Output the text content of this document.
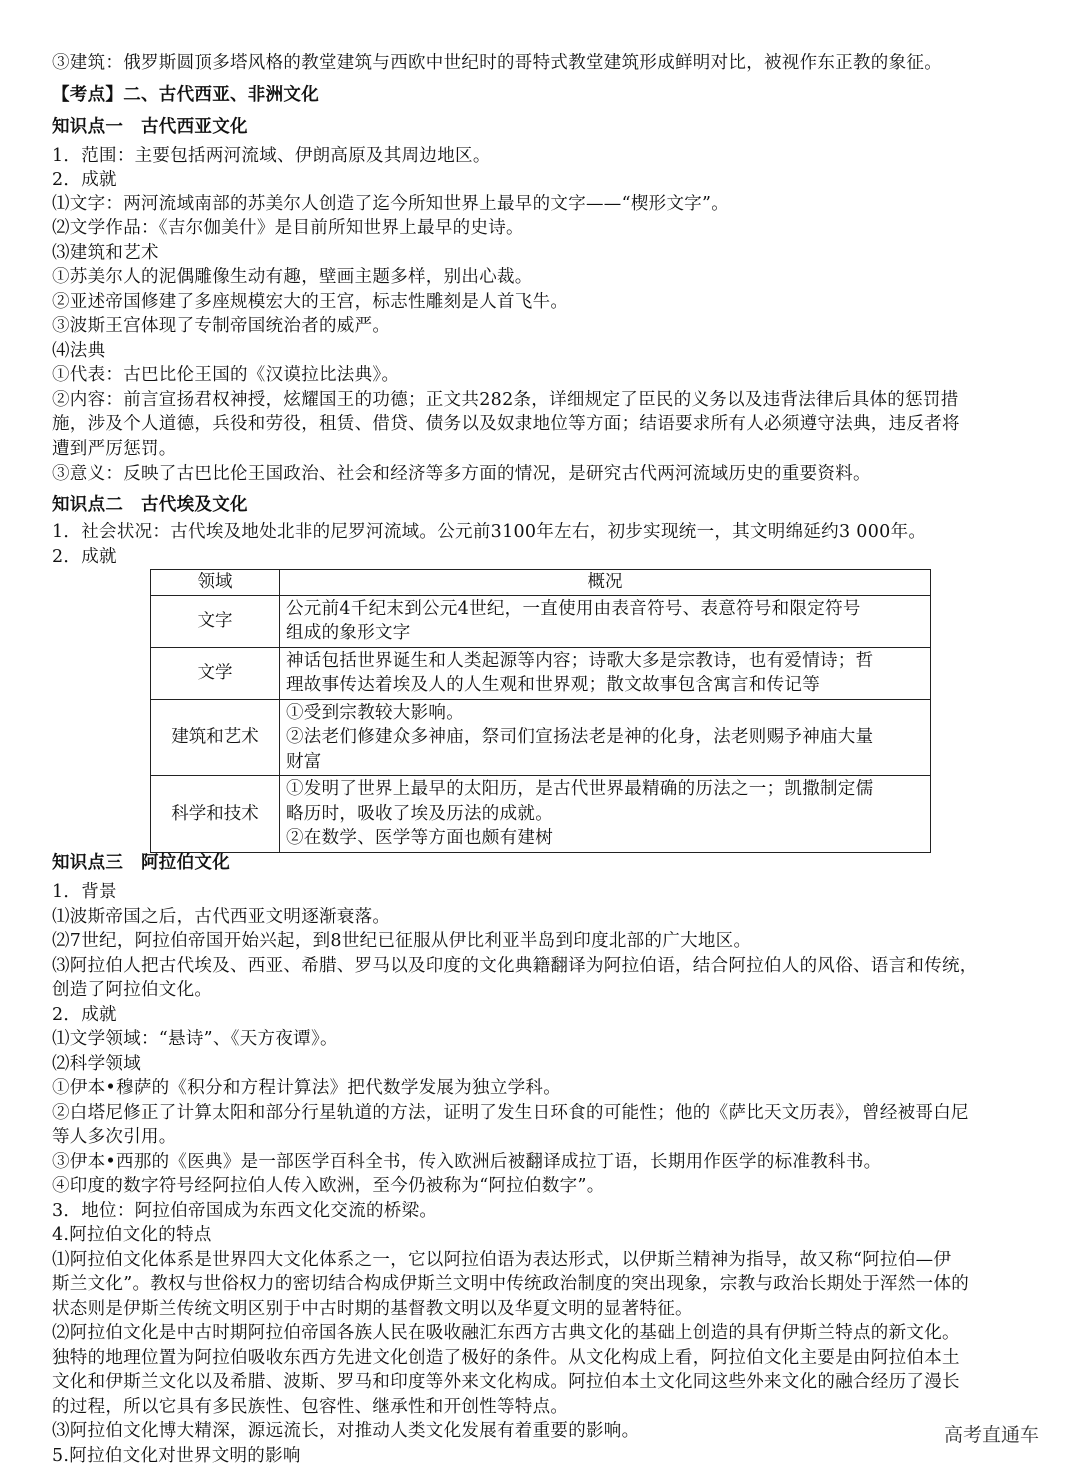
③建筑：俄罗斯圆顶多塔风格的教堂建筑与西欧中世纪时的哥特式教堂建筑形成鲜明对比，被视作东正教的象征。
【考点】二、古代西亚、非洲文化
知识点一　古代西亚文化
1．范围：主要包括两河流域、伊朗高原及其周边地区。
2．成就
⑴文字：两河流域南部的苏美尔人创造了迄今所知世界上最早的文字——“楔形文字”。
⑵文学作品：《吉尔伽美什》是目前所知世界上最早的史诗。
⑶建筑和艺术
①苏美尔人的泥偶雕像生动有趣，壁画主题多样，别出心裁。
②亚述帝国修建了多座规模宏大的王宫，标志性雕刻是人首飞牛。
③波斯王宫体现了专制帝国统治者的威严。
⑷法典
①代表：古巴比伦王国的《汉谟拉比法典》。
②内容：前言宣扬君权神授，炫耀国王的功德；正文共282条，详细规定了臣民的义务以及违背法律后具体的惩罚措
施，涉及个人道德，兵役和劳役，租赁、借贷、债务以及奴隶地位等方面；结语要求所有人必须遵守法典，违反者将
遭到严厉惩罚。
③意义：反映了古巴比伦王国政治、社会和经济等多方面的情况，是研究古代两河流域历史的重要资料。
知识点二　古代埃及文化
1．社会状况：古代埃及地处北非的尼罗河流域。公元前3100年左右，初步实现统一，其文明绵延约3 000年。
2．成就
领域	概况
文字	公元前4千纪末到公元4世纪，一直使用由表音符号、表意符号和限定符号
组成的象形文字

文学	神话包括世界诞生和人类起源等内容；诗歌大多是宗教诗，也有爱情诗；哲
理故事传达着埃及人的人生观和世界观；散文故事包含寓言和传记等

建筑和艺术	①受到宗教较大影响。
②法老们修建众多神庙，祭司们宣扬法老是神的化身，法老则赐予神庙大量
财富

科学和技术	①发明了世界上最早的太阳历，是古代世界最精确的历法之一；凯撒制定儒
略历时，吸收了埃及历法的成就。
②在数学、医学等方面也颇有建树
知识点三　阿拉伯文化
1．背景
⑴波斯帝国之后，古代西亚文明逐渐衰落。
⑵7世纪，阿拉伯帝国开始兴起，到8世纪已征服从伊比利亚半岛到印度北部的广大地区。
⑶阿拉伯人把古代埃及、西亚、希腊、罗马以及印度的文化典籍翻译为阿拉伯语，结合阿拉伯人的风俗、语言和传统，
创造了阿拉伯文化。
2．成就
⑴文学领域：“悬诗”、《天方夜谭》。
⑵科学领域
①伊本•穆萨的《积分和方程计算法》把代数学发展为独立学科。
②白塔尼修正了计算太阳和部分行星轨道的方法，证明了发生日环食的可能性；他的《萨比天文历表》，曾经被哥白尼
等人多次引用。
③伊本•西那的《医典》是一部医学百科全书，传入欧洲后被翻译成拉丁语，长期用作医学的标准教科书。
④印度的数字符号经阿拉伯人传入欧洲，至今仍被称为“阿拉伯数字”。
3．地位：阿拉伯帝国成为东西文化交流的桥梁。
4.阿拉伯文化的特点
⑴阿拉伯文化体系是世界四大文化体系之一，它以阿拉伯语为表达形式，以伊斯兰精神为指导，故又称“阿拉伯—伊
斯兰文化”。教权与世俗权力的密切结合构成伊斯兰文明中传统政治制度的突出现象，宗教与政治长期处于浑然一体的
状态则是伊斯兰传统文明区别于中古时期的基督教文明以及华夏文明的显著特征。
⑵阿拉伯文化是中古时期阿拉伯帝国各族人民在吸收融汇东西方古典文化的基础上创造的具有伊斯兰特点的新文化。
独特的地理位置为阿拉伯吸收东西方先进文化创造了极好的条件。从文化构成上看，阿拉伯文化主要是由阿拉伯本土
文化和伊斯兰文化以及希腊、波斯、罗马和印度等外来文化构成。阿拉伯本土文化同这些外来文化的融合经历了漫长
的过程，所以它具有多民族性、包容性、继承性和开创性等特点。
⑶阿拉伯文化博大精深，源远流长，对推动人类文化发展有着重要的影响。
5.阿拉伯文化对世界文明的影响
高考直通车
